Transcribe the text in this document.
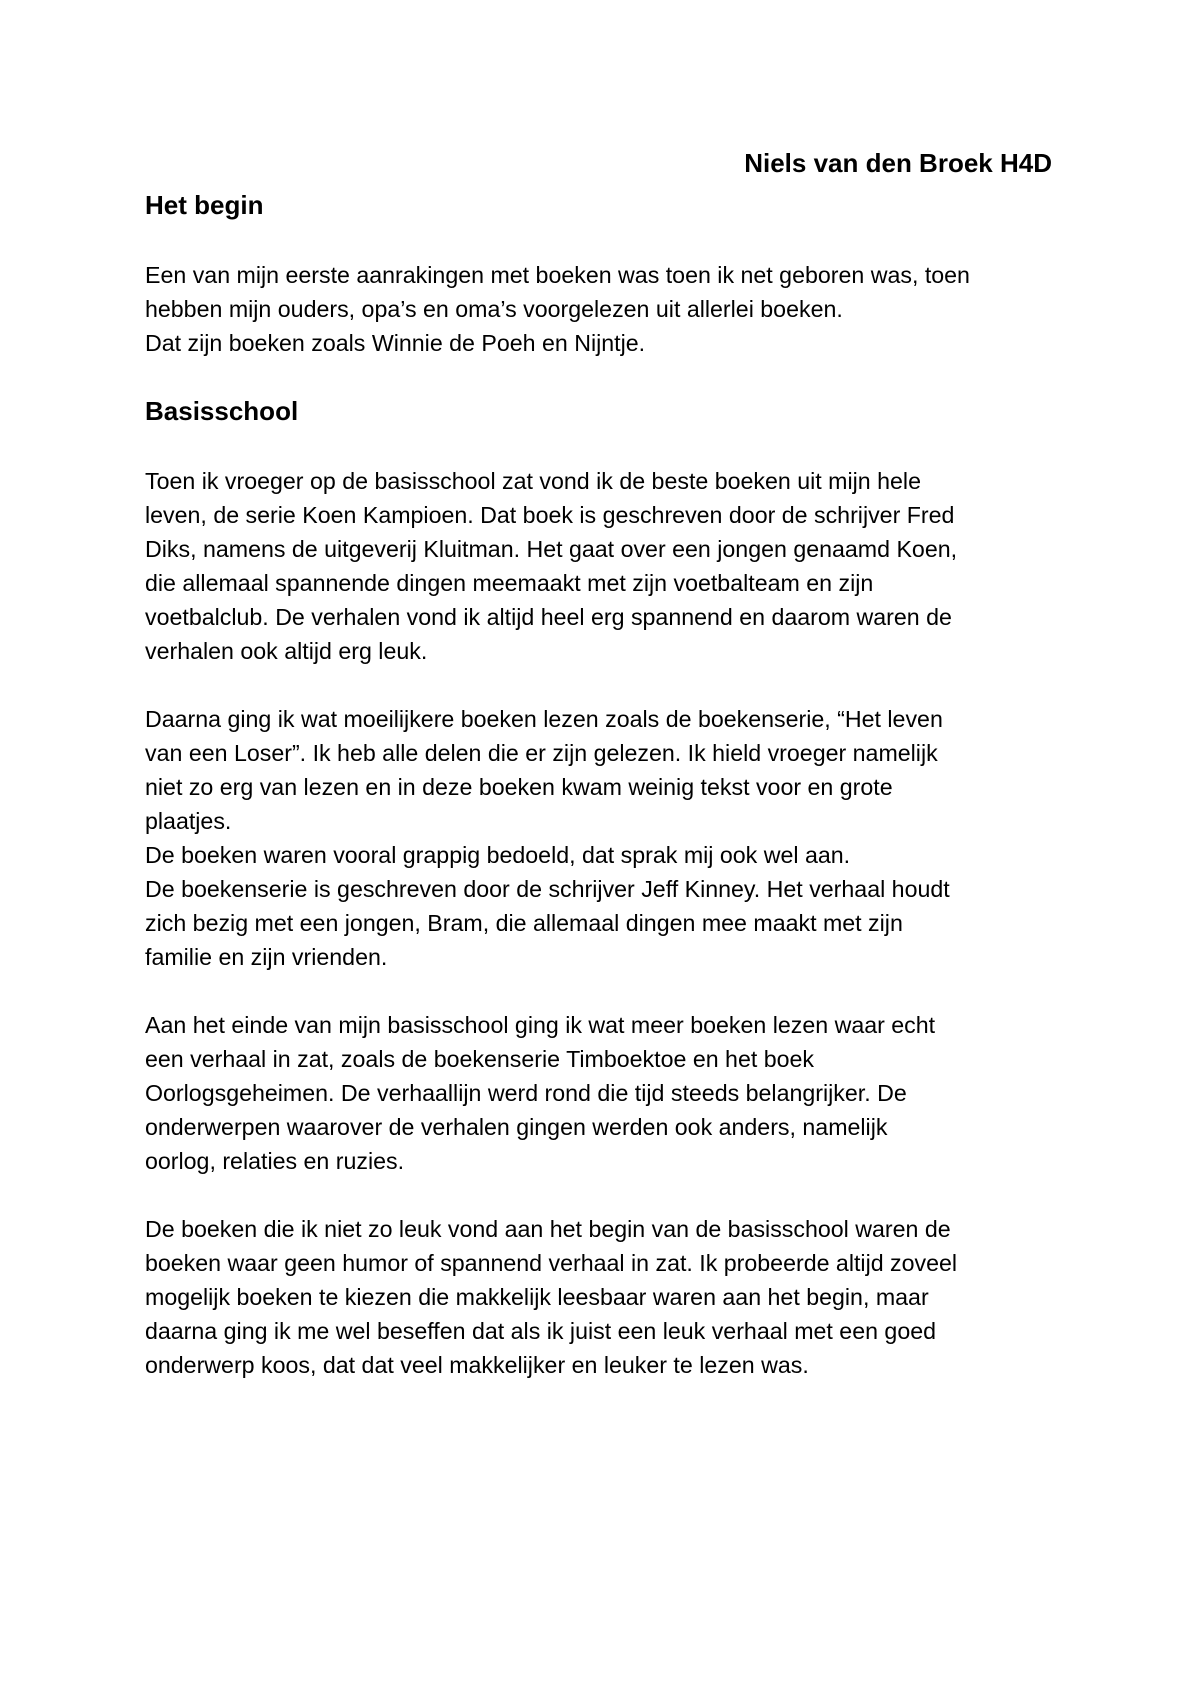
Niels van den Broek H4D
Het begin

Een van mijn eerste aanrakingen met boeken was toen ik net geboren was, toen
hebben mijn ouders, opa’s en oma’s voorgelezen uit allerlei boeken.
Dat zijn boeken zoals Winnie de Poeh en Nijntje.

Basisschool

Toen ik vroeger op de basisschool zat vond ik de beste boeken uit mijn hele
leven, de serie Koen Kampioen. Dat boek is geschreven door de schrijver Fred
Diks, namens de uitgeverij Kluitman. Het gaat over een jongen genaamd Koen,
die allemaal spannende dingen meemaakt met zijn voetbalteam en zijn
voetbalclub. De verhalen vond ik altijd heel erg spannend en daarom waren de
verhalen ook altijd erg leuk.

Daarna ging ik wat moeilijkere boeken lezen zoals de boekenserie, “Het leven
van een Loser”. Ik heb alle delen die er zijn gelezen. Ik hield vroeger namelijk
niet zo erg van lezen en in deze boeken kwam weinig tekst voor en grote
plaatjes.
De boeken waren vooral grappig bedoeld, dat sprak mij ook wel aan.
De boekenserie is geschreven door de schrijver Jeff Kinney. Het verhaal houdt
zich bezig met een jongen, Bram, die allemaal dingen mee maakt met zijn
familie en zijn vrienden.

Aan het einde van mijn basisschool ging ik wat meer boeken lezen waar echt
een verhaal in zat, zoals de boekenserie Timboektoe en het boek
Oorlogsgeheimen. De verhaallijn werd rond die tijd steeds belangrijker. De
onderwerpen waarover de verhalen gingen werden ook anders, namelijk
oorlog, relaties en ruzies.

De boeken die ik niet zo leuk vond aan het begin van de basisschool waren de
boeken waar geen humor of spannend verhaal in zat. Ik probeerde altijd zoveel
mogelijk boeken te kiezen die makkelijk leesbaar waren aan het begin, maar
daarna ging ik me wel beseffen dat als ik juist een leuk verhaal met een goed
onderwerp koos, dat dat veel makkelijker en leuker te lezen was.
